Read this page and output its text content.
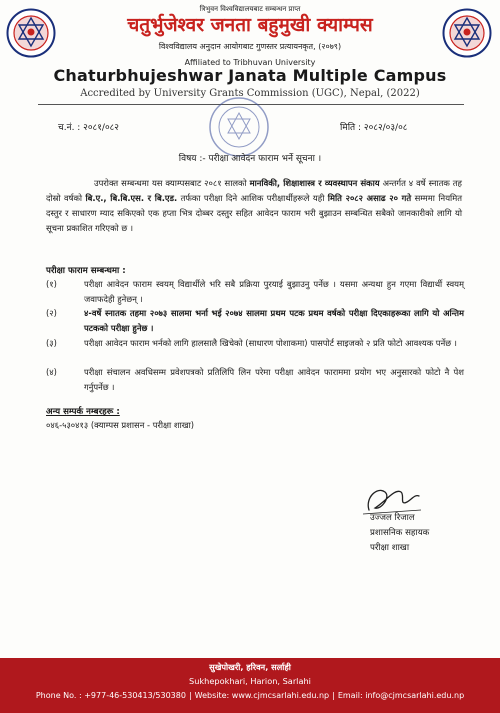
त्रिभुवन विश्वविद्यालयबाट सम्बन्धन प्राप्त
चतुर्भुजेश्वर जनता बहुमुखी क्याम्पस
विश्वविद्यालय अनुदान आयोगबाट गुणस्तर प्रत्यायनकृत, (२०७९)
Affiliated to Tribhuvan University
Chaturbhujeshwar Janata Multiple Campus
Accredited by University Grants Commission (UGC), Nepal, (2022)
च.नं. : २०८१/०८२	मिति : २०८२/०३/०८
विषय :- परीक्षा आवेदन फाराम भर्ने सूचना ।
उपरोक्त सम्बन्धमा यस क्याम्पसबाट २०८१ सालको मानविकी, शिक्षाशास्त्र र व्यवस्थापन संकाय अन्तर्गत ४ वर्षे स्नातक तह दोस्रो वर्षको बि.ए., बि.बि.एस. र बि.एड. तर्फका परीक्षा दिने आशिक परीक्षार्थीहरूले यही मिति २०८२ असाढ २० गते सम्ममा नियमित दस्तुर र साधारण म्याद सकिएको एक हप्ता भित्र दोब्बर दस्तुर सहित आवेदन फाराम भरी बुझाउन सम्बन्धित सबैको जानकारीको लागि यो सूचना प्रकाशित गरिएको छ ।
परीक्षा फाराम सम्बन्धमा :
(१)	परीक्षा आवेदन फाराम स्वयम् विद्यार्थीले भरि सबै प्रक्रिया पुरयाई बुझाउनु पर्नेछ । यसमा अन्यथा हुन गएमा विद्यार्थी स्वयम् जवाफदेही हुनेछन् ।
(२)	४-वर्षे स्नातक तहमा २०७३ सालमा भर्ना भई २०७४ सालमा प्रथम पटक प्रथम वर्षको परीक्षा दिएकाहरूका लागि यो अन्तिम पटकको परीक्षा हुनेछ ।
(३)	परीक्षा आवेदन फाराम भर्नको लागि हालसालै खिचेको (साधारण पोशाकमा) पासपोर्ट साइजको २ प्रति फोटो आवश्यक पर्नेछ ।
(४)	परीक्षा संचालन अवधिसम्म प्रवेशपत्रको प्रतिलिपि लिन परेमा परीक्षा आवेदन फाराममा प्रयोग भए अनुसारको फोटो नै पेश गर्नुपर्नेछ ।
अन्य सम्पर्क नम्बरहरू :
०४६-५३०४१३ (क्याम्पस प्रशासन - परीक्षा शाखा)
उज्जल रिजाल
प्रशासनिक सहायक
परीक्षा शाखा
सुखेपोखरी, हरिवन, सर्लाही
Sukhepokhari, Harion, Sarlahi
Phone No. : +977-46-530413/530380 | Website: www.cjmcsarlahi.edu.np | Email: info@cjmcsarlahi.edu.np
